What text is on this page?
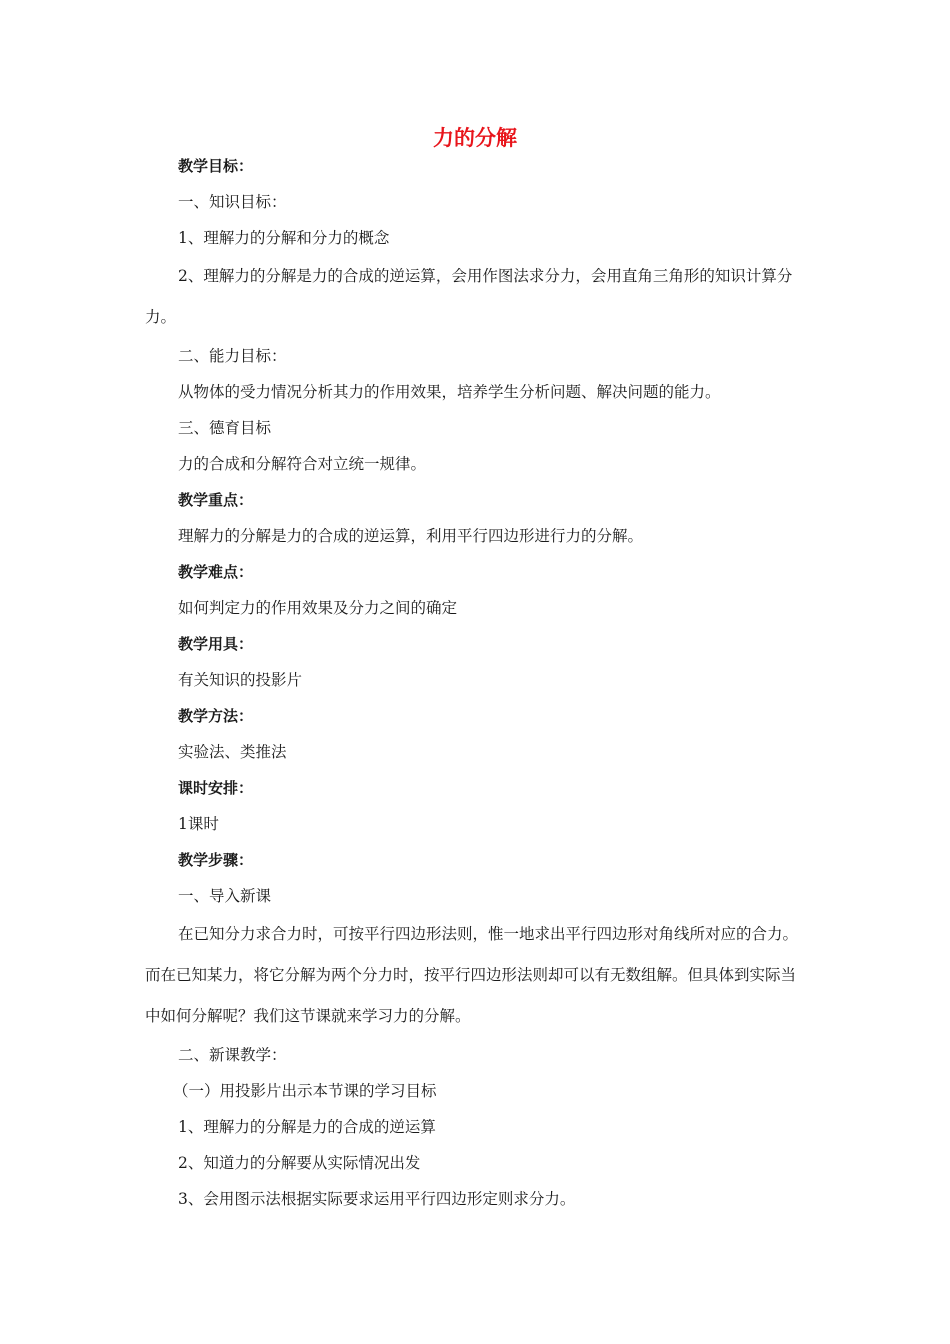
力的分解

教学目标：

一、知识目标：

1、理解力的分解和分力的概念

2、理解力的分解是力的合成的逆运算，会用作图法求分力，会用直角三角形的知识计算分力。

二、能力目标：

从物体的受力情况分析其力的作用效果，培养学生分析问题、解决问题的能力。

三、德育目标

力的合成和分解符合对立统一规律。

教学重点：

理解力的分解是力的合成的逆运算，利用平行四边形进行力的分解。

教学难点：

如何判定力的作用效果及分力之间的确定

教学用具：

有关知识的投影片

教学方法：

实验法、类推法

课时安排：

1课时

教学步骤：

一、导入新课

在已知分力求合力时，可按平行四边形法则，惟一地求出平行四边形对角线所对应的合力。而在已知某力，将它分解为两个分力时，按平行四边形法则却可以有无数组解。但具体到实际当中如何分解呢？我们这节课就来学习力的分解。

二、新课教学：

（一）用投影片出示本节课的学习目标

1、理解力的分解是力的合成的逆运算

2、知道力的分解要从实际情况出发

3、会用图示法根据实际要求运用平行四边形定则求分力。
